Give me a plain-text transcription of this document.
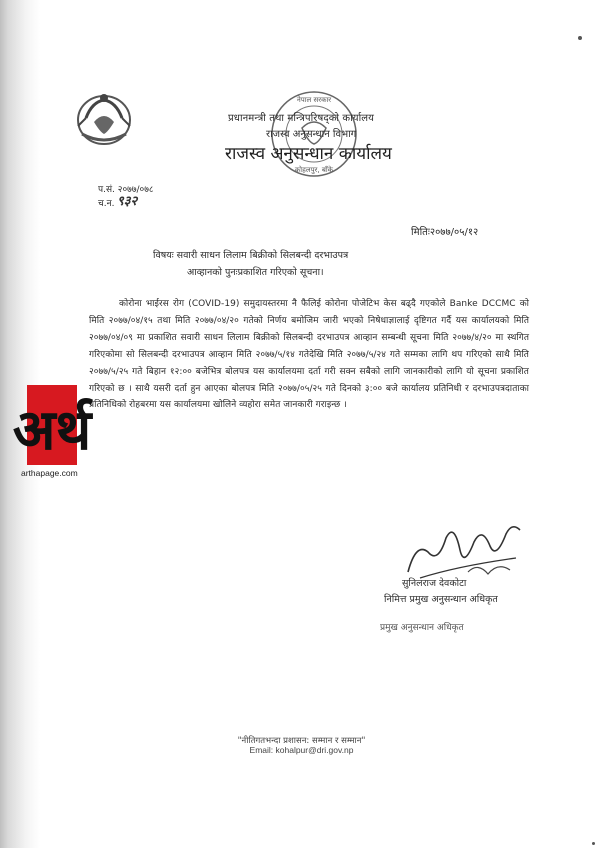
नेपाल सरकार
कोहलपुर, बाँके
प्रधानमन्त्री तथा मन्त्रिपरिषद्को कार्यालय
राजस्व अनुसन्धान विभाग
राजस्व अनुसन्धान कार्यालय
प.सं. २०७७/०७८
च.न. ९३२
मितिः२०७७/०५/१२
विषयः सवारी साधन लिलाम बिक्रीको सिलबन्दी दरभाउपत्र
आव्हानको पुनःप्रकाशित गरिएको सूचना।
कोरोना भाईरस रोग (COVID-19) समुदायस्तरमा नै फैलिई कोरोना पोजेटिभ केस बढ्दै गएकोले Banke DCCMC को मिति २०७७/०४/१५ तथा मिति २०७७/०४/२० गतेको निर्णय बमोजिम जारी भएको निषेधाज्ञालाई दृष्टिगत गर्दै यस कार्यालयको मिति २०७७/०४/०९ मा प्रकाशित सवारी साधन लिलाम बिक्रीको सिलबन्दी दरभाउपत्र आव्हान सम्बन्धी सूचना मिति २०७७/४/२० मा स्थगित गरिएकोमा सो सिलबन्दी दरभाउपत्र आव्हान मिति २०७७/५/१४ गतेदेखि मिति २०७७/५/२४ गते सम्मका लागि थप गरिएको साथै मिति २०७७/५/२५ गते बिहान १२:०० बजेभित्र बोलपत्र यस कार्यालयमा दर्ता गरी सक्न सबैको लागि जानकारीको लागि यो सूचना प्रकाशित गरिएको छ । साथै यसरी दर्ता हुन आएका बोलपत्र मिति २०७७/०५/२५ गते दिनको ३:०० बजे कार्यालय प्रतिनिधी र दरभाउपत्रदाताका प्रतिनिधिको रोहबरमा यस कार्यालयमा खोलिने व्यहोरा समेत जानकारी गराइन्छ ।
अर्थ
arthapage.com
सुनिलराज देवकोटा
निमित्त प्रमुख अनुसन्धान अधिकृत
प्रमुख अनुसन्धान अधिकृत
"नीतिगतभन्दा प्रशासन: सम्मान र सम्मान"
Email: kohalpur@dri.gov.np
